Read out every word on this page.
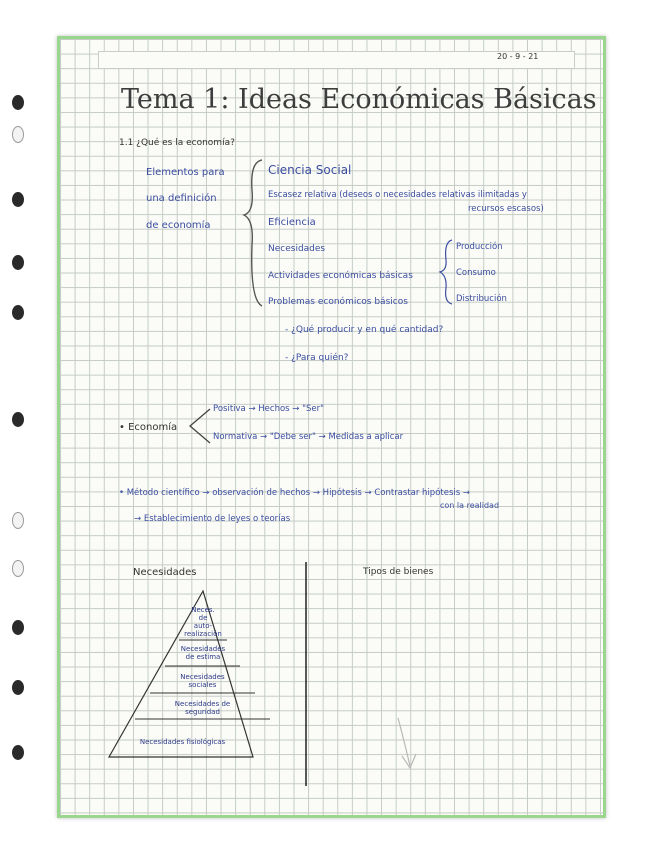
20 - 9 - 21
Tema 1: Ideas Económicas Básicas
1.1 ¿Qué es la economía?
Elementos para
una definición
de economía
Ciencia Social
Escasez relativa (deseos o necesidades relativas ilimitadas y
recursos escasos)
Eficiencia
Necesidades
Actividades económicas básicas
Problemas económicos básicos
Producción
Consumo
Distribución
- ¿Qué producir y en qué cantidad?
- ¿Para quién?
• Economía
Positiva → Hechos → "Ser"
Normativa → "Debe ser" → Medidas a aplicar
• Método científico → observación de hechos → Hipótesis → Contrastar hipótesis →
con la realidad
→ Establecimiento de leyes o teorías
Necesidades	Tipos de bienes
Neces.
de
auto-
realización
Necesidades
de estima
Necesidades
sociales
Necesidades de
seguridad
Necesidades fisiológicas
